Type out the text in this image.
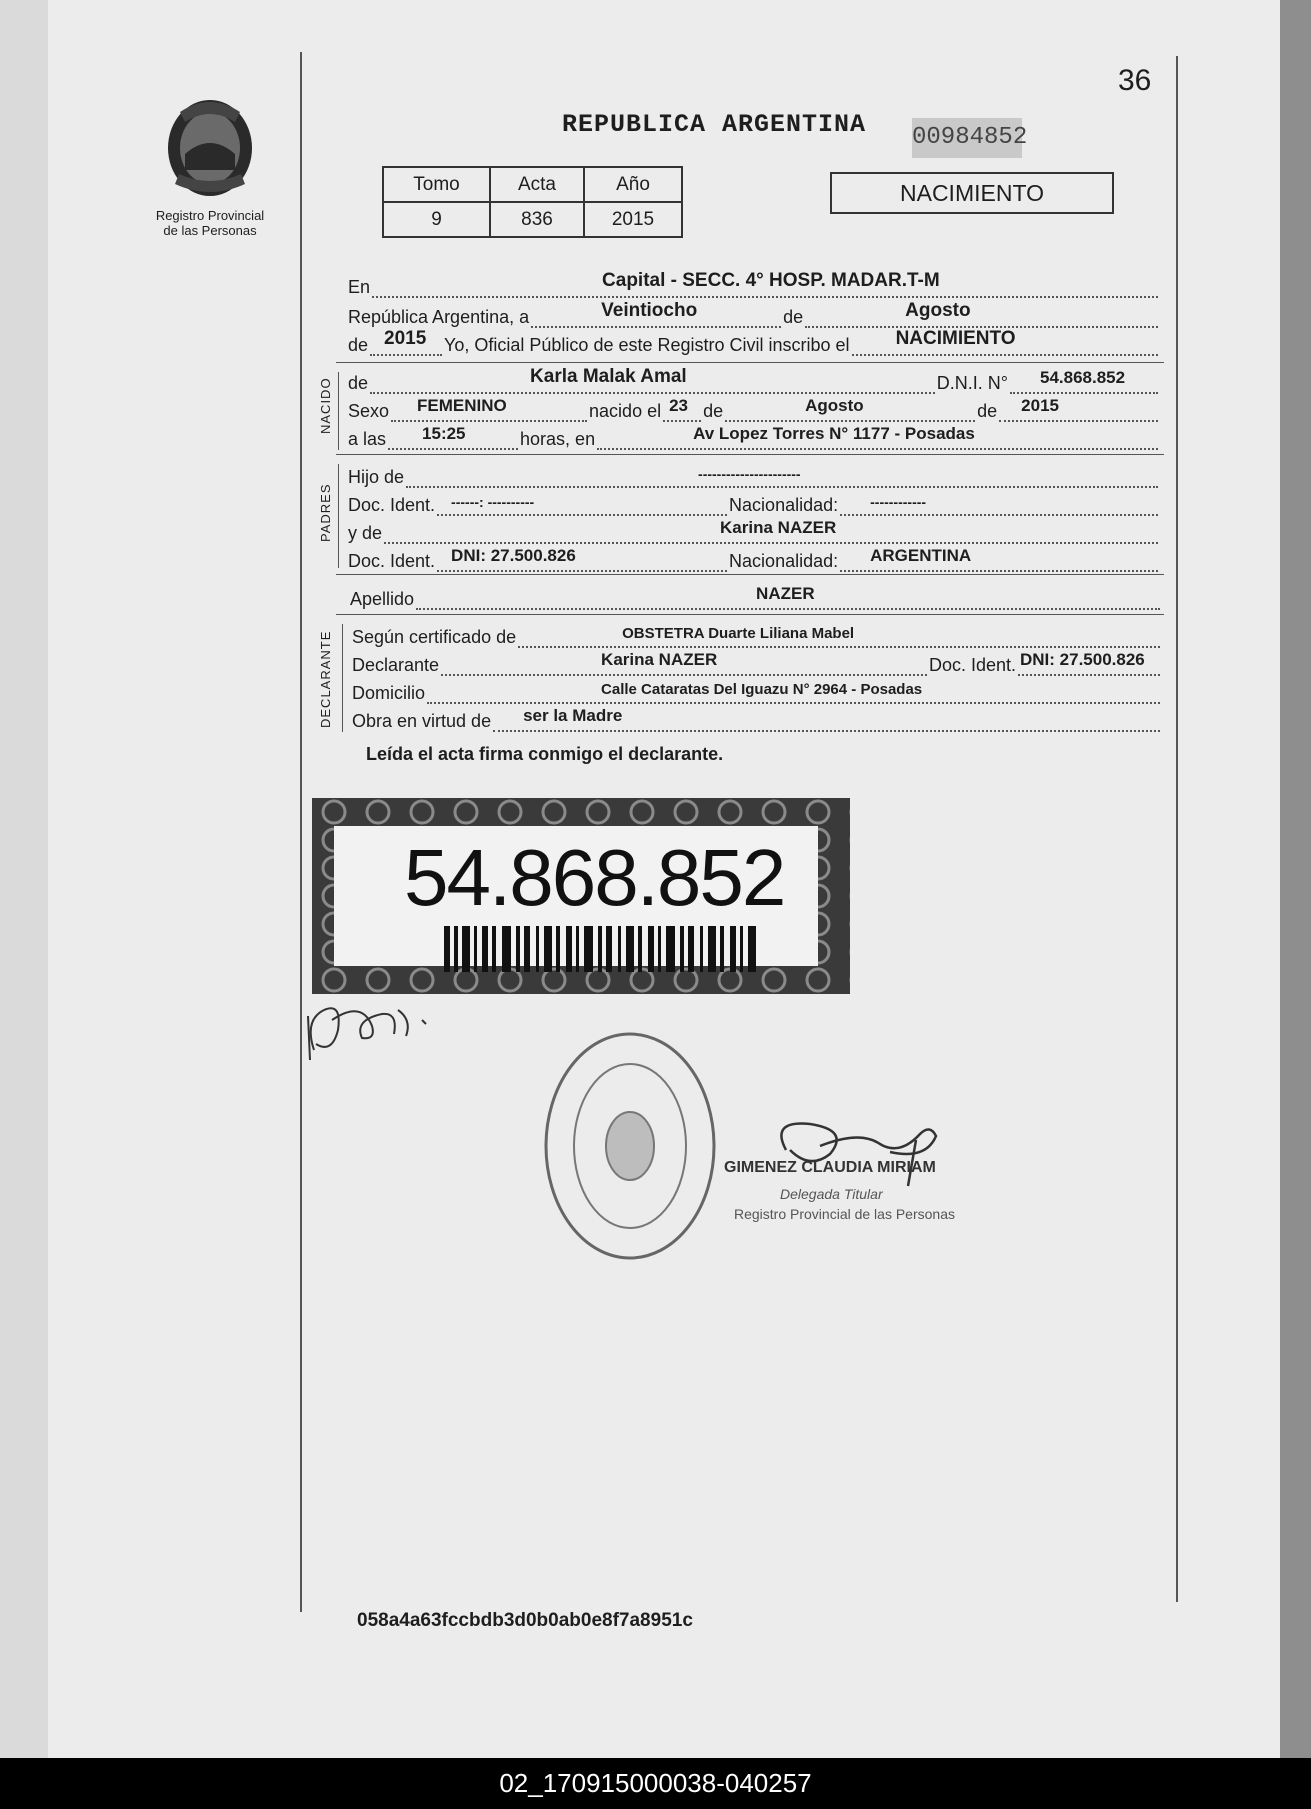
Registro Provincial
de las Personas
36
REPUBLICA ARGENTINA 00984852
Tomo	Acta	Año
9	836	2015
NACIMIENTO
En	Capital - SECC. 4° HOSP. MADAR.T-M
República Argentina, a	Veintiocho	de	Agosto
de 2015 Yo, Oficial Público de este Registro Civil inscribo el NACIMIENTO
NACIDO de	Karla Malak Amal	D.N.I. N° 54.868.852
Sexo FEMENINO	nacido el 23 de	Agosto	de 2015
a las 15:25	horas, en	Av Lopez Torres N° 1177 - Posadas
PADRES
Hijo de	----------------------
Doc. Ident. ------: ----------	Nacionalidad: ------------
y de	Karina NAZER
Doc. Ident. DNI: 27.500.826	Nacionalidad: ARGENTINA
Apellido	NAZER
DECLARANTE Según certificado de	OBSTETRA Duarte Liliana Mabel
Declarante	Karina NAZER	Doc. Ident. DNI: 27.500.826
Domicilio	Calle Cataratas Del Iguazu N° 2964 - Posadas
Obra en virtud de ser la Madre
Leída el acta firma conmigo el declarante.
54.868.852
GIMENEZ CLAUDIA MIRIAM
Delegada Titular
Registro Provincial de las Personas
058a4a63fccbdb3d0b0ab0e8f7a8951c
02_170915000038-040257
